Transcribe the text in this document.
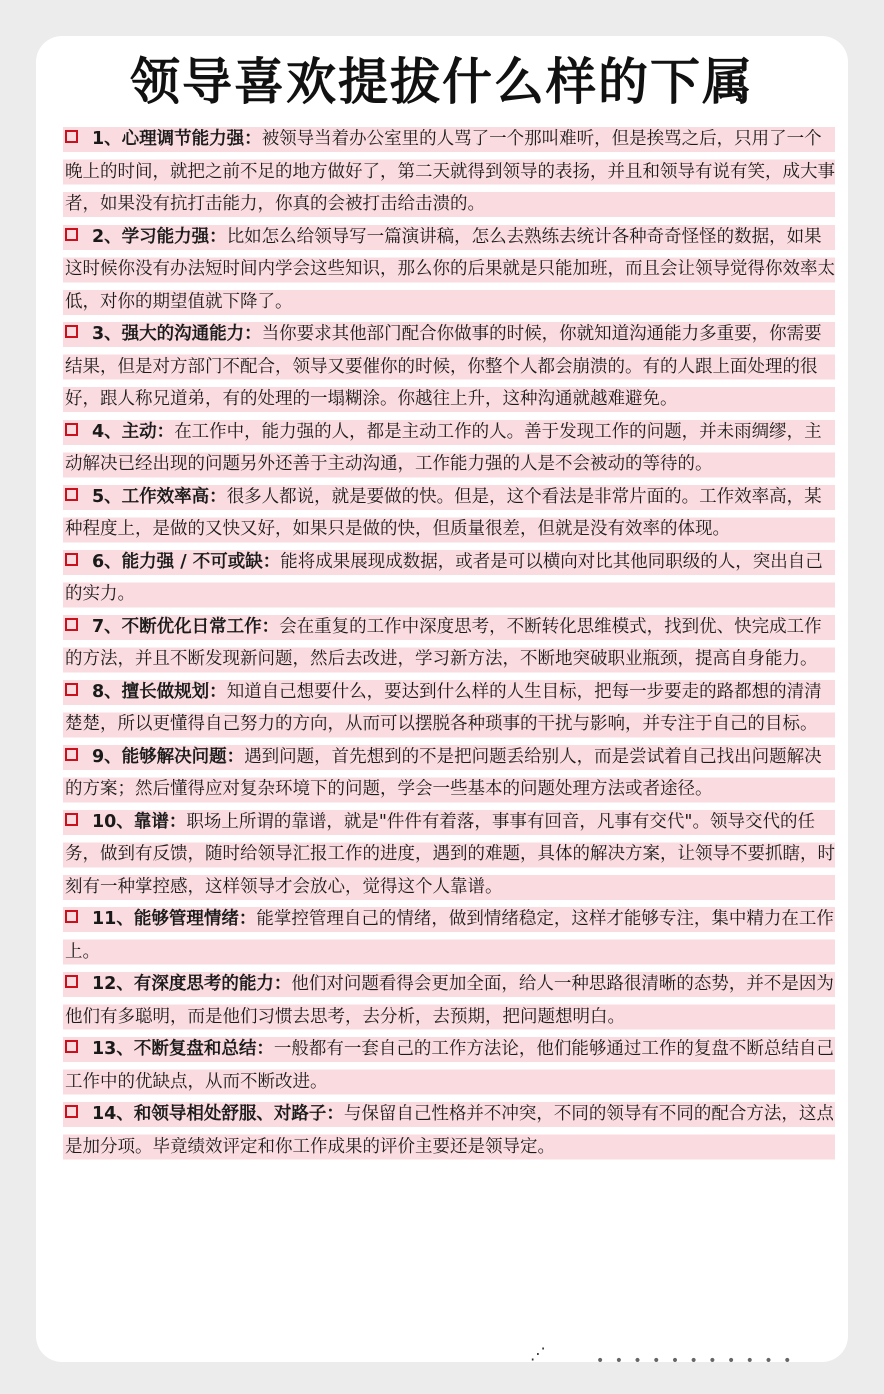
领导喜欢提拔什么样的下属
1、心理调节能力强：被领导当着办公室里的人骂了一个那叫难听，但是挨骂之后，只用了一个晚上的时间，就把之前不足的地方做好了，第二天就得到领导的表扬，并且和领导有说有笑，成大事者，如果没有抗打击能力，你真的会被打击给击溃的。
2、学习能力强：比如怎么给领导写一篇演讲稿，怎么去熟练去统计各种奇奇怪怪的数据，如果这时候你没有办法短时间内学会这些知识，那么你的后果就是只能加班，而且会让领导觉得你效率太低，对你的期望值就下降了。
3、强大的沟通能力：当你要求其他部门配合你做事的时候，你就知道沟通能力多重要，你需要结果，但是对方部门不配合，领导又要催你的时候，你整个人都会崩溃的。有的人跟上面处理的很好，跟人称兄道弟，有的处理的一塌糊涂。你越往上升，这种沟通就越难避免。
4、主动：在工作中，能力强的人，都是主动工作的人。善于发现工作的问题，并未雨绸缪，主动解决已经出现的问题另外还善于主动沟通，工作能力强的人是不会被动的等待的。
5、工作效率高：很多人都说，就是要做的快。但是，这个看法是非常片面的。工作效率高，某种程度上，是做的又快又好，如果只是做的快，但质量很差，但就是没有效率的体现。
6、能力强 / 不可或缺：能将成果展现成数据，或者是可以横向对比其他同职级的人，突出自己的实力。
7、不断优化日常工作：会在重复的工作中深度思考，不断转化思维模式，找到优、快完成工作的方法，并且不断发现新问题，然后去改进，学习新方法，不断地突破职业瓶颈，提高自身能力。
8、擅长做规划：知道自己想要什么，要达到什么样的人生目标，把每一步要走的路都想的清清楚楚，所以更懂得自己努力的方向，从而可以摆脱各种琐事的干扰与影响，并专注于自己的目标。
9、能够解决问题：遇到问题，首先想到的不是把问题丢给别人，而是尝试着自己找出问题解决的方案；然后懂得应对复杂环境下的问题，学会一些基本的问题处理方法或者途径。
10、靠谱：职场上所谓的靠谱，就是"件件有着落，事事有回音，凡事有交代"。领导交代的任务，做到有反馈，随时给领导汇报工作的进度，遇到的难题，具体的解决方案，让领导不要抓瞎，时刻有一种掌控感，这样领导才会放心，觉得这个人靠谱。
11、能够管理情绪：能掌控管理自己的情绪，做到情绪稳定，这样才能够专注，集中精力在工作上。
12、有深度思考的能力：他们对问题看得会更加全面，给人一种思路很清晰的态势，并不是因为他们有多聪明，而是他们习惯去思考，去分析，去预期，把问题想明白。
13、不断复盘和总结：一般都有一套自己的工作方法论，他们能够通过工作的复盘不断总结自己工作中的优缺点，从而不断改进。
14、和领导相处舒服、对路子：与保留自己性格并不冲突，不同的领导有不同的配合方法，这点是加分项。毕竟绩效评定和你工作成果的评价主要还是领导定。
⋰	• • • • • • • • • • •
